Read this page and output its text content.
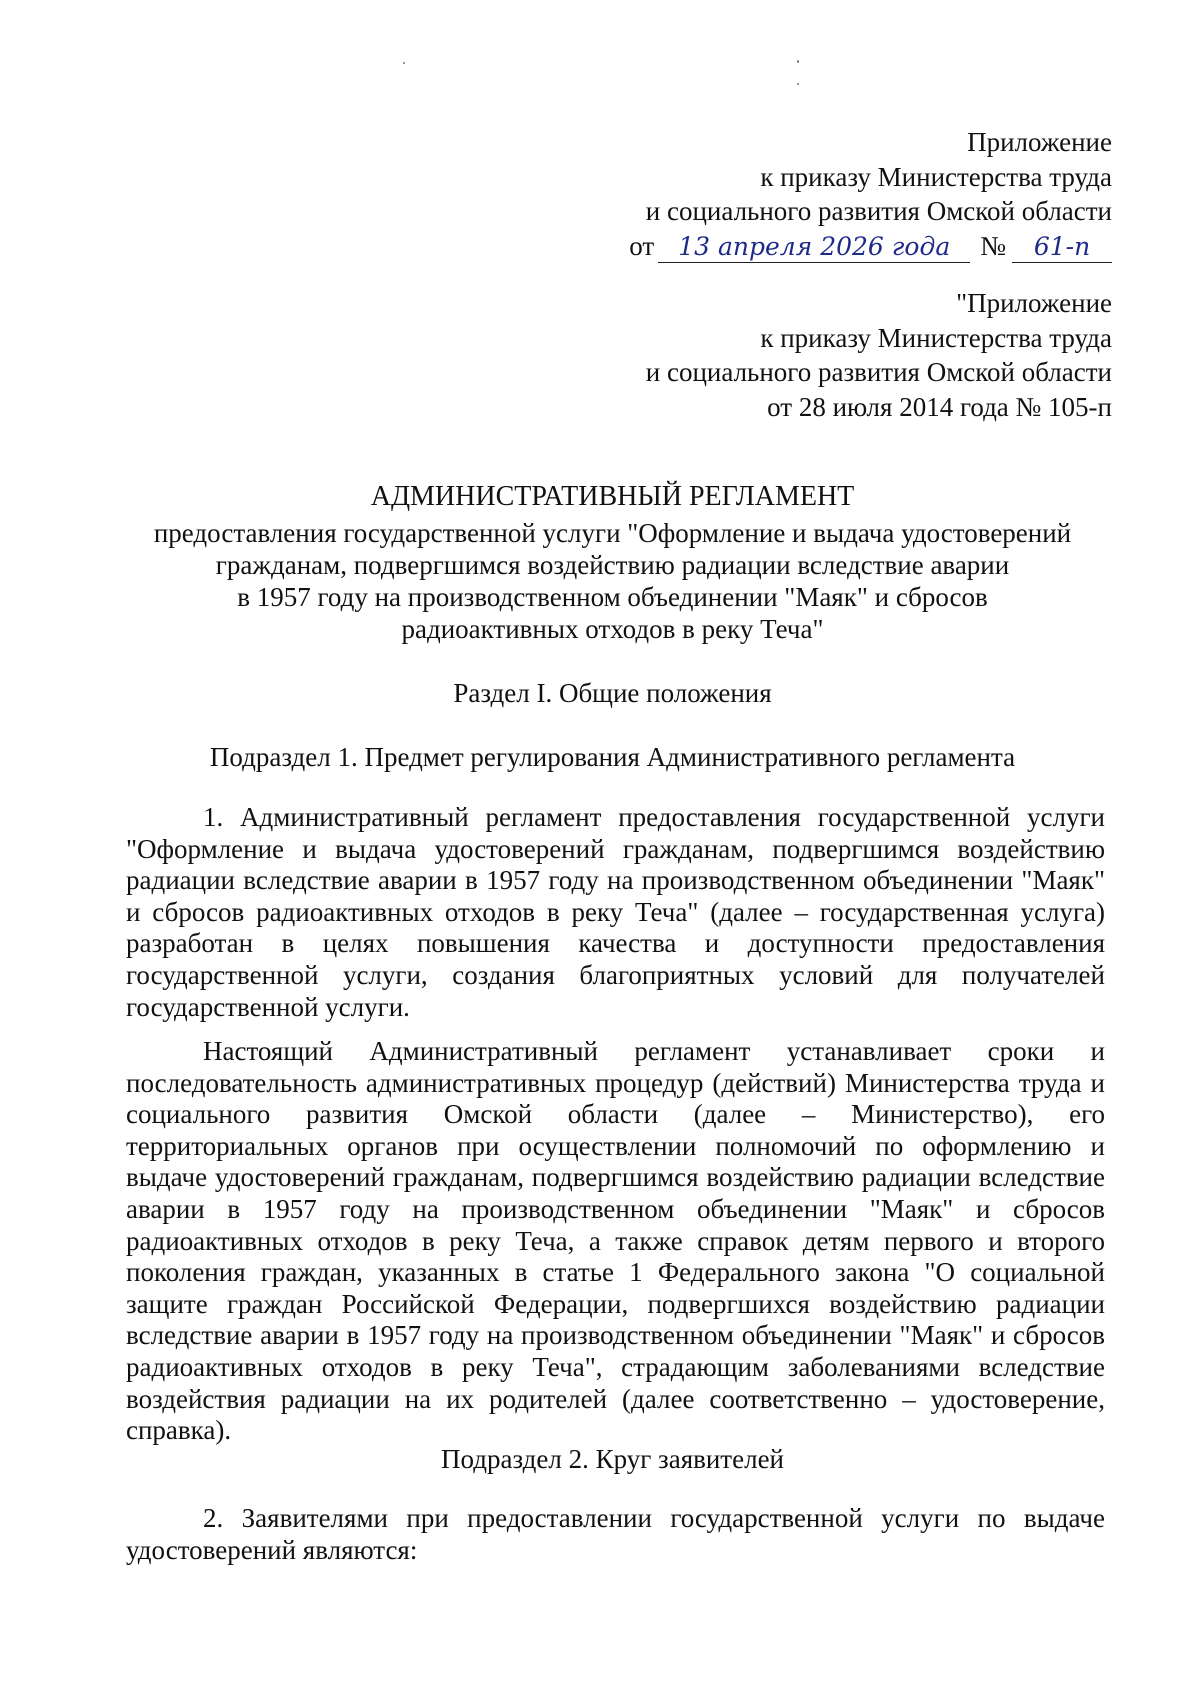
Приложение
к приказу Министерства труда
и социального развития Омской области
от 13 апреля 2026 года	№	61-п
"Приложение
к приказу Министерства труда
и социального развития Омской области
от 28 июля 2014 года № 105-п
АДМИНИСТРАТИВНЫЙ РЕГЛАМЕНТ
предоставления государственной услуги "Оформление и выдача удостоверений
гражданам, подвергшимся воздействию радиации вследствие аварии
в 1957 году на производственном объединении "Маяк" и сбросов
радиоактивных отходов в реку Теча"
Раздел I. Общие положения
Подраздел 1. Предмет регулирования Административного регламента

1. Административный регламент предоставления государственной услуги "Оформление и выдача удостоверений гражданам, подвергшимся воздействию радиации вследствие аварии в 1957 году на производственном объединении "Маяк" и сбросов радиоактивных отходов в реку Теча" (далее – государственная услуга) разработан в целях повышения качества и доступности предоставления государственной услуги, создания благоприятных условий для получателей государственной услуги.

Настоящий Административный регламент устанавливает сроки и последовательность административных процедур (действий) Министерства труда и социального развития Омской области (далее – Министерство), его территориальных органов при осуществлении полномочий по оформлению и выдаче удостоверений гражданам, подвергшимся воздействию радиации вследствие аварии в 1957 году на производственном объединении "Маяк" и сбросов радиоактивных отходов в реку Теча, а также справок детям первого и второго поколения граждан, указанных в статье 1 Федерального закона "О социальной защите граждан Российской Федерации, подвергшихся воздействию радиации вследствие аварии в 1957 году на производственном объединении "Маяк" и сбросов радиоактивных отходов в реку Теча", страдающим заболеваниями вследствие воздействия радиации на их родителей (далее соответственно – удостоверение, справка).

Подраздел 2. Круг заявителей

2. Заявителями при предоставлении государственной услуги по выдаче удостоверений являются:
